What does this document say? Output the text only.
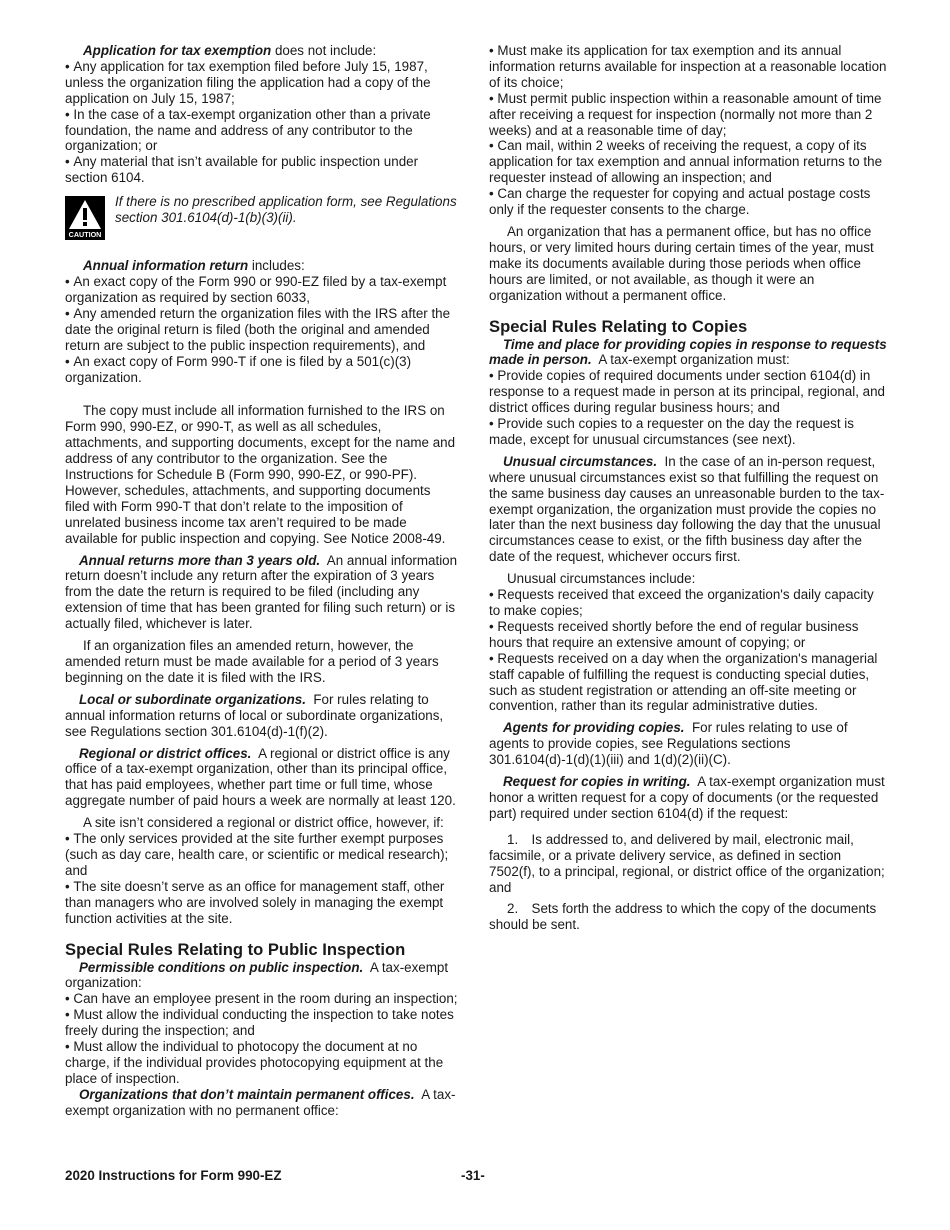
Application for tax exemption does not include:

• Any application for tax exemption filed before July 15, 1987, unless the organization filing the application had a copy of the application on July 15, 1987;

• In the case of a tax-exempt organization other than a private foundation, the name and address of any contributor to the organization; or

• Any material that isn’t available for public inspection under section 6104.

CAUTION

If there is no prescribed application form, see Regulations section 301.6104(d)-1(b)(3)(ii).

Annual information return includes:

• An exact copy of the Form 990 or 990-EZ filed by a tax-exempt organization as required by section 6033,

• Any amended return the organization files with the IRS after the date the original return is filed (both the original and amended return are subject to the public inspection requirements), and

• An exact copy of Form 990-T if one is filed by a 501(c)(3) organization.

The copy must include all information furnished to the IRS on Form 990, 990-EZ, or 990-T, as well as all schedules, attachments, and supporting documents, except for the name and address of any contributor to the organization. See the Instructions for Schedule B (Form 990, 990-EZ, or 990-PF). However, schedules, attachments, and supporting documents filed with Form 990-T that don’t relate to the imposition of unrelated business income tax aren’t required to be made available for public inspection and copying. See Notice 2008-49.

Annual returns more than 3 years old. An annual information return doesn’t include any return after the expiration of 3 years from the date the return is required to be filed (including any extension of time that has been granted for filing such return) or is actually filed, whichever is later.

If an organization files an amended return, however, the amended return must be made available for a period of 3 years beginning on the date it is filed with the IRS.

Local or subordinate organizations. For rules relating to annual information returns of local or subordinate organizations, see Regulations section 301.6104(d)-1(f)(2).

Regional or district offices. A regional or district office is any office of a tax-exempt organization, other than its principal office, that has paid employees, whether part time or full time, whose aggregate number of paid hours a week are normally at least 120.

A site isn’t considered a regional or district office, however, if:

• The only services provided at the site further exempt purposes (such as day care, health care, or scientific or medical research); and

• The site doesn’t serve as an office for management staff, other than managers who are involved solely in managing the exempt function activities at the site.

Special Rules Relating to Public Inspection

Permissible conditions on public inspection. A tax-exempt organization:

• Can have an employee present in the room during an inspection;

• Must allow the individual conducting the inspection to take notes freely during the inspection; and

• Must allow the individual to photocopy the document at no charge, if the individual provides photocopying equipment at the place of inspection.

Organizations that don’t maintain permanent offices. A tax-exempt organization with no permanent office:

• Must make its application for tax exemption and its annual information returns available for inspection at a reasonable location of its choice;

• Must permit public inspection within a reasonable amount of time after receiving a request for inspection (normally not more than 2 weeks) and at a reasonable time of day;

• Can mail, within 2 weeks of receiving the request, a copy of its application for tax exemption and annual information returns to the requester instead of allowing an inspection; and

• Can charge the requester for copying and actual postage costs only if the requester consents to the charge.

An organization that has a permanent office, but has no office hours, or very limited hours during certain times of the year, must make its documents available during those periods when office hours are limited, or not available, as though it were an organization without a permanent office.

Special Rules Relating to Copies

Time and place for providing copies in response to requests made in person. A tax-exempt organization must:

• Provide copies of required documents under section 6104(d) in response to a request made in person at its principal, regional, and district offices during regular business hours; and

• Provide such copies to a requester on the day the request is made, except for unusual circumstances (see next).

Unusual circumstances. In the case of an in-person request, where unusual circumstances exist so that fulfilling the request on the same business day causes an unreasonable burden to the tax-exempt organization, the organization must provide the copies no later than the next business day following the day that the unusual circumstances cease to exist, or the fifth business day after the date of the request, whichever occurs first.

Unusual circumstances include:

• Requests received that exceed the organization's daily capacity to make copies;

• Requests received shortly before the end of regular business hours that require an extensive amount of copying; or

• Requests received on a day when the organization's managerial staff capable of fulfilling the request is conducting special duties, such as student registration or attending an off-site meeting or convention, rather than its regular administrative duties.

Agents for providing copies. For rules relating to use of agents to provide copies, see Regulations sections 301.6104(d)-1(d)(1)(iii) and 1(d)(2)(ii)(C).

Request for copies in writing. A tax-exempt organization must honor a written request for a copy of documents (or the requested part) required under section 6104(d) if the request:

1. Is addressed to, and delivered by mail, electronic mail, facsimile, or a private delivery service, as defined in section 7502(f), to a principal, regional, or district office of the organization; and

2. Sets forth the address to which the copy of the documents should be sent.

2020 Instructions for Form 990-EZ	-31-
